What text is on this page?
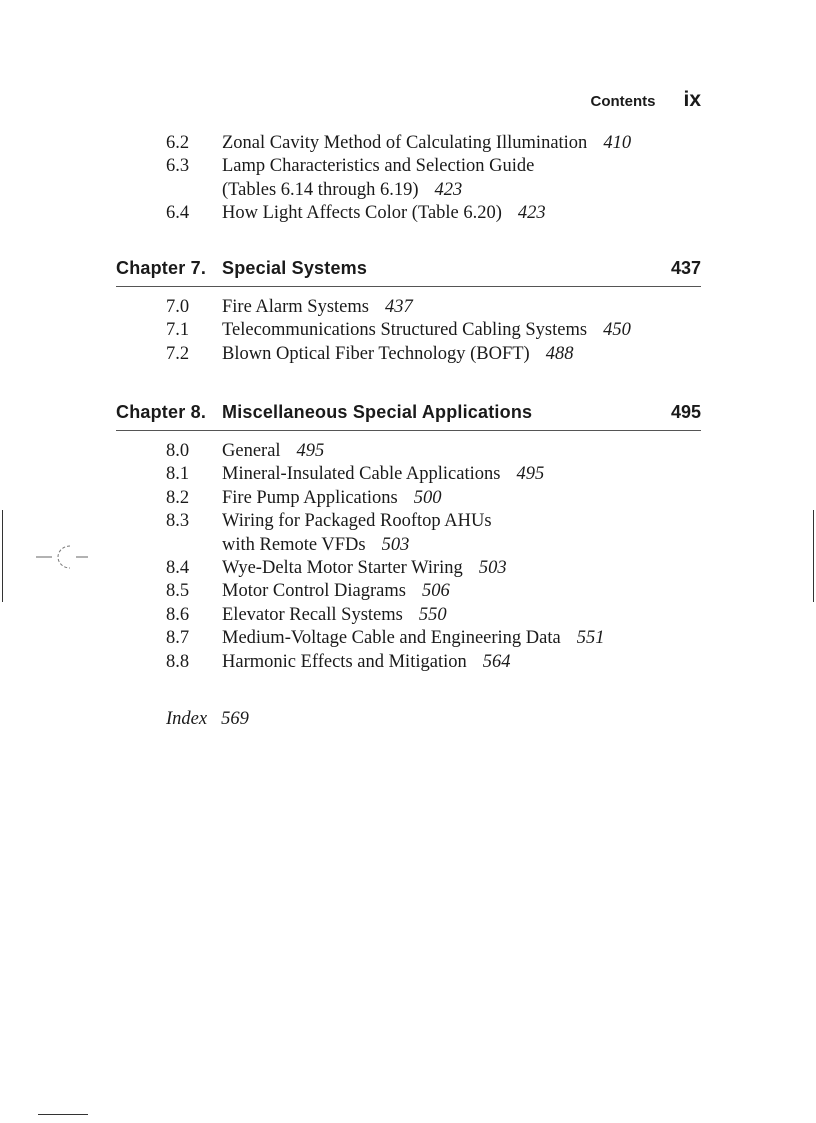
Contents ix
6.2 Zonal Cavity Method of Calculating Illumination 410
6.3 Lamp Characteristics and Selection Guide
(Tables 6.14 through 6.19) 423
6.4 How Light Affects Color (Table 6.20) 423
Chapter 7. Special Systems	437
7.0 Fire Alarm Systems 437
7.1 Telecommunications Structured Cabling Systems 450
7.2 Blown Optical Fiber Technology (BOFT) 488
Chapter 8. Miscellaneous Special Applications	495
8.0 General 495
8.1 Mineral-Insulated Cable Applications 495
8.2 Fire Pump Applications 500
8.3 Wiring for Packaged Rooftop AHUs
with Remote VFDs 503
8.4 Wye-Delta Motor Starter Wiring 503
8.5 Motor Control Diagrams 506
8.6 Elevator Recall Systems 550
8.7 Medium-Voltage Cable and Engineering Data 551
8.8 Harmonic Effects and Mitigation 564
Index 569
